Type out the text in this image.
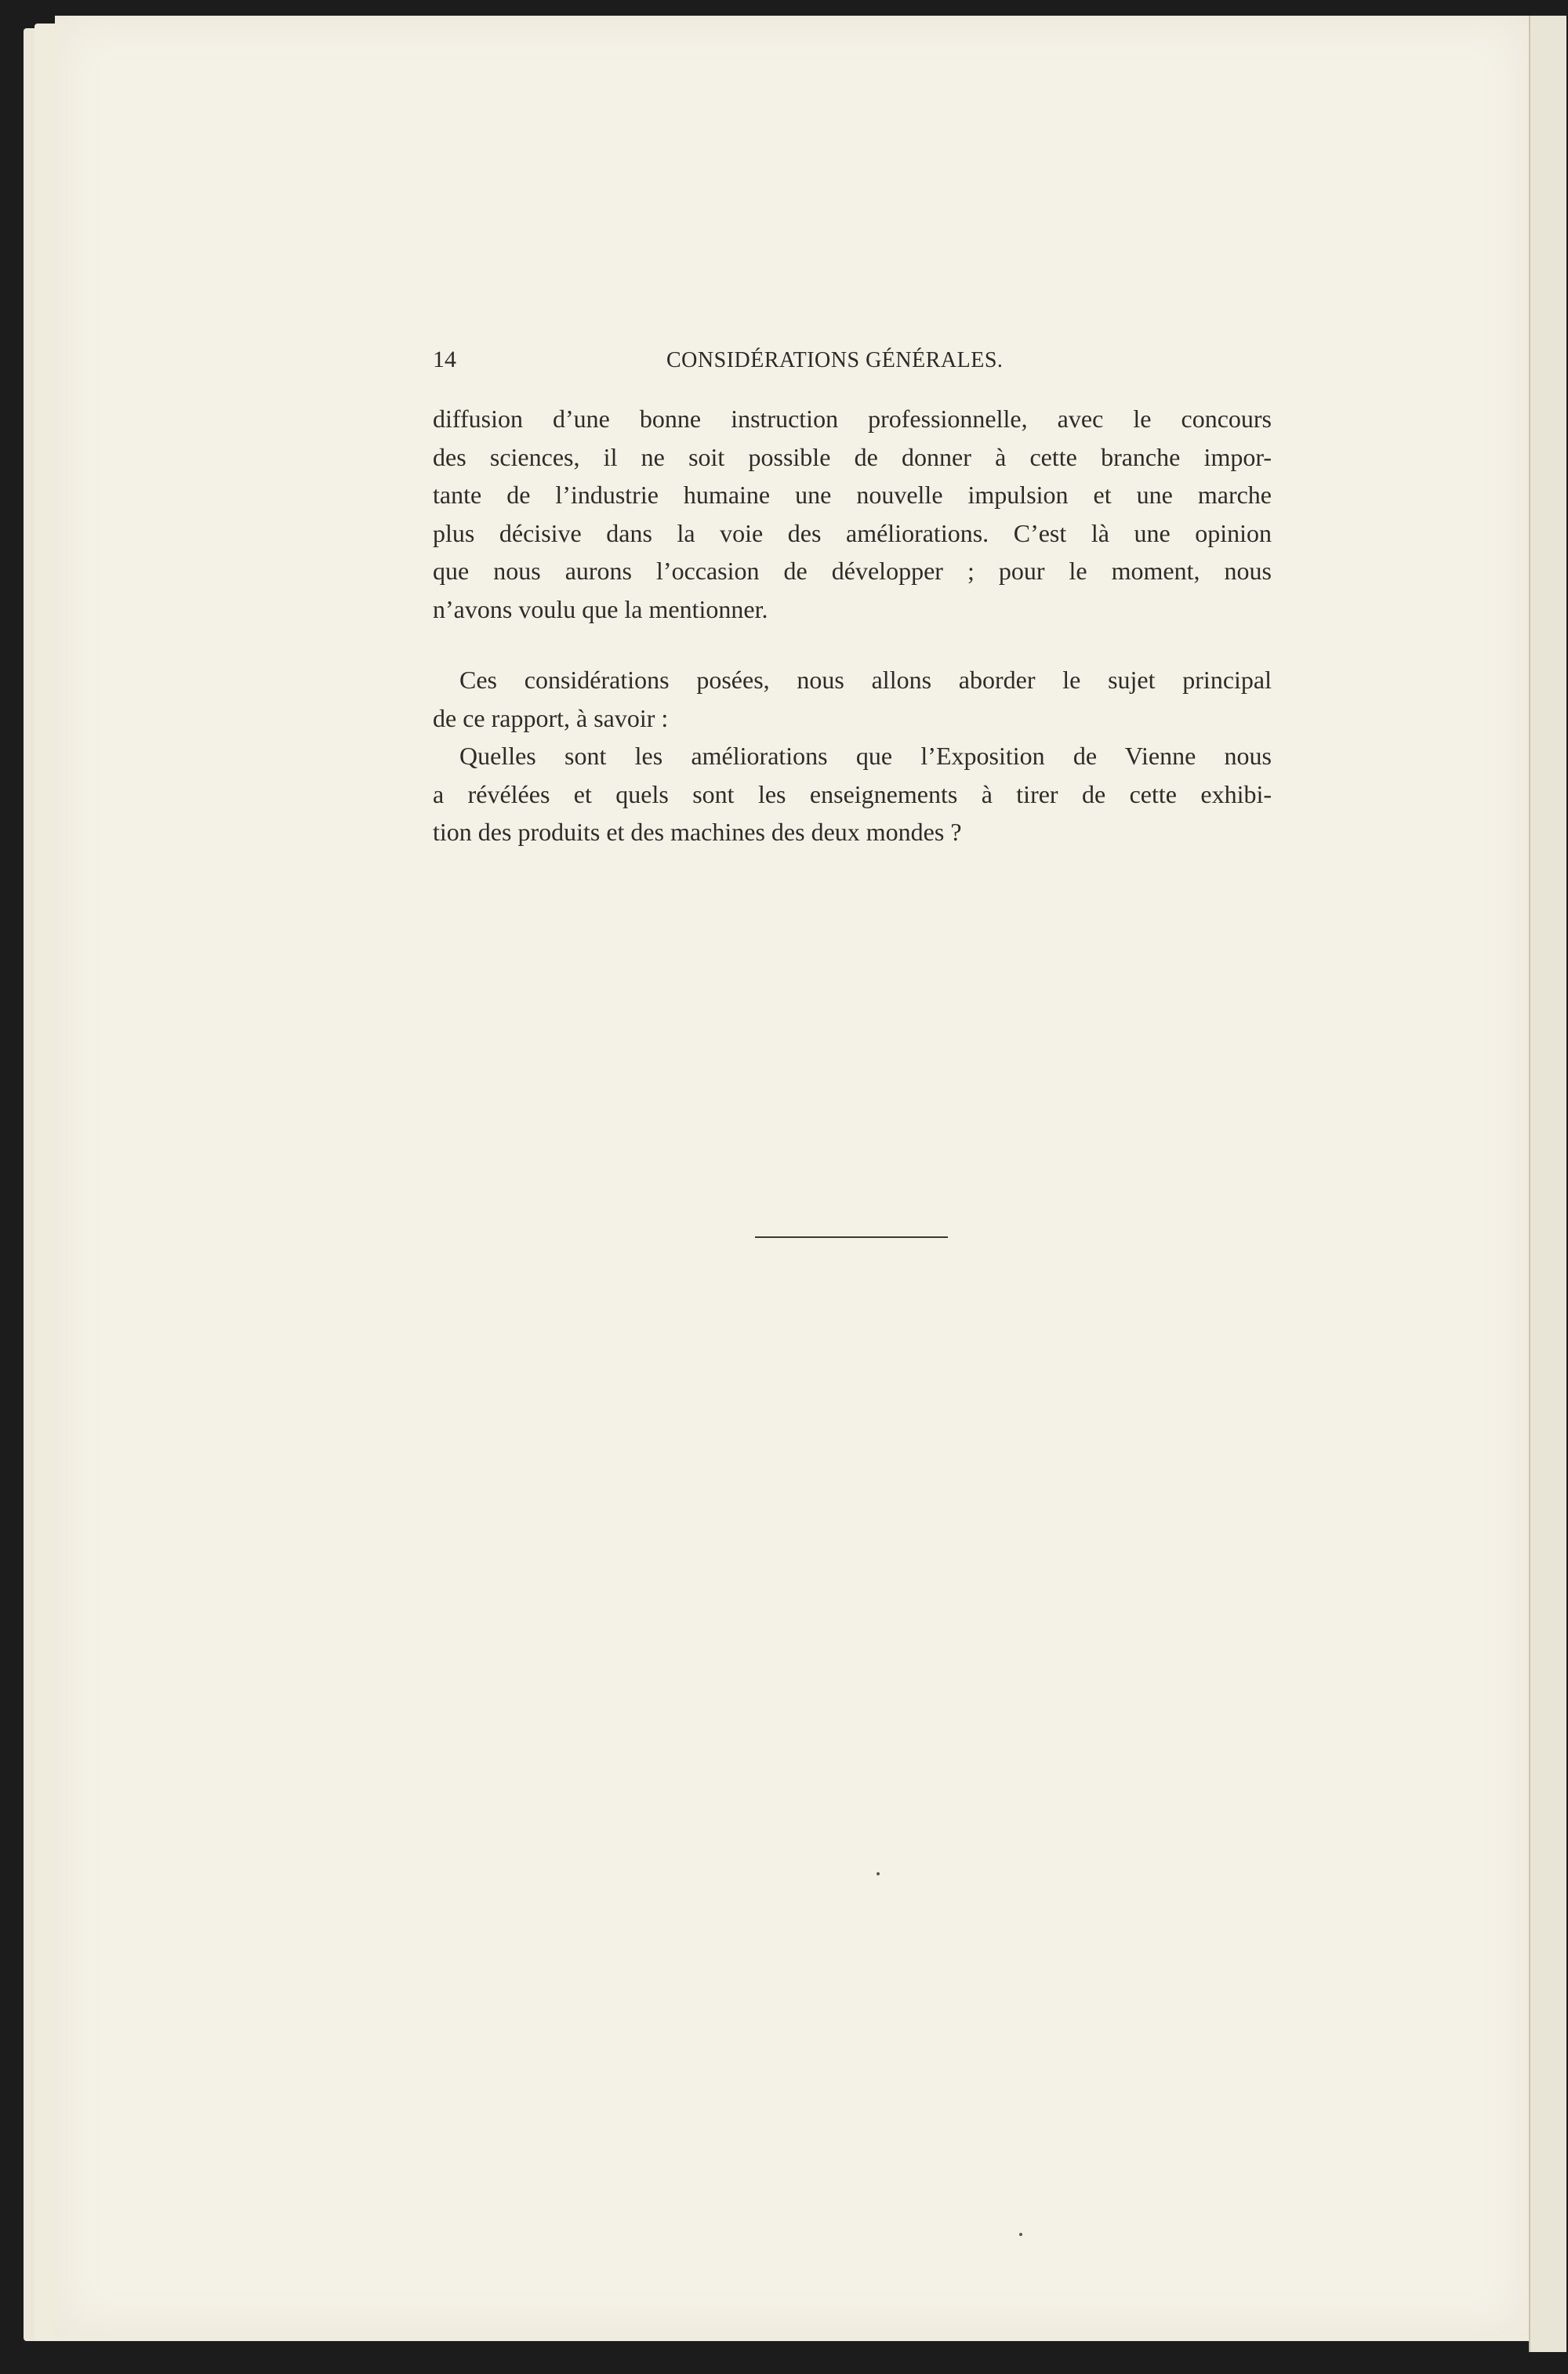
14	CONSIDÉRATIONS GÉNÉRALES.
diffusion d’une bonne instruction professionnelle, avec le concours
des sciences, il ne soit possible de donner à cette branche impor-
tante de l’industrie humaine une nouvelle impulsion et une marche
plus décisive dans la voie des améliorations. C’est là une opinion
que nous aurons l’occasion de développer ; pour le moment, nous
n’avons voulu que la mentionner.
Ces considérations posées, nous allons aborder le sujet principal
de ce rapport, à savoir :
Quelles sont les améliorations que l’Exposition de Vienne nous
a révélées et quels sont les enseignements à tirer de cette exhibi-
tion des produits et des machines des deux mondes ?
